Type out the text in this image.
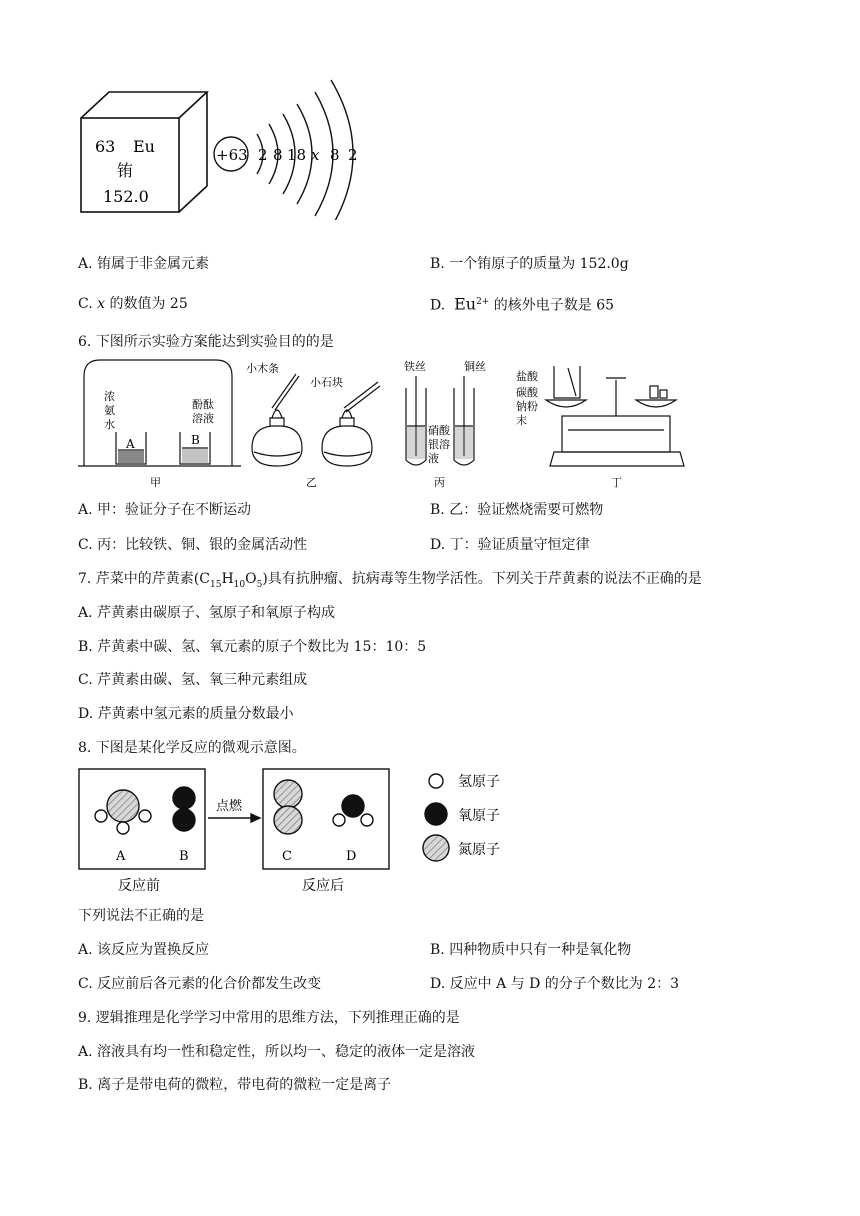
63 Eu
铕
152.0
+63 2 8 18 x 8 2
A. 铕属于非金属元素	B. 一个铕原子的质量为 152.0g
C. x 的数值为 25	D.  $Eu^{2+}$ 的核外电子数是 65
6. 下图所示实验方案能达到实验目的的是
浓
氨
水
酚酞
溶液
A	B
甲
小木条
小石块
乙
铁丝	铜丝
硝酸
银溶
液
丙
盐酸
碳酸
钠粉
末
丁
A. 甲：验证分子在不断运动	B. 乙：验证燃烧需要可燃物
C. 丙：比较铁、铜、银的金属活动性	D. 丁：验证质量守恒定律
7. 芹菜中的芹黄素$(C_{15}H_{10}O_5)$具有抗肿瘤、抗病毒等生物学活性。下列关于芹黄素的说法不正确的是
A. 芹黄素由碳原子、氢原子和氧原子构成
B. 芹黄素中碳、氢、氧元素的原子个数比为 15：10：5
C. 芹黄素由碳、氢、氧三种元素组成
D. 芹黄素中氢元素的质量分数最小
8. 下图是某化学反应的微观示意图。
点燃
A	B	C	D
反应前	反应后
氢原子
氧原子
氮原子
下列说法不正确的是
A. 该反应为置换反应	B. 四种物质中只有一种是氧化物
C. 反应前后各元素的化合价都发生改变	D. 反应中 A 与 D 的分子个数比为 2：3
9. 逻辑推理是化学学习中常用的思维方法，下列推理正确的是
A. 溶液具有均一性和稳定性，所以均一、稳定的液体一定是溶液
B. 离子是带电荷的微粒，带电荷的微粒一定是离子
